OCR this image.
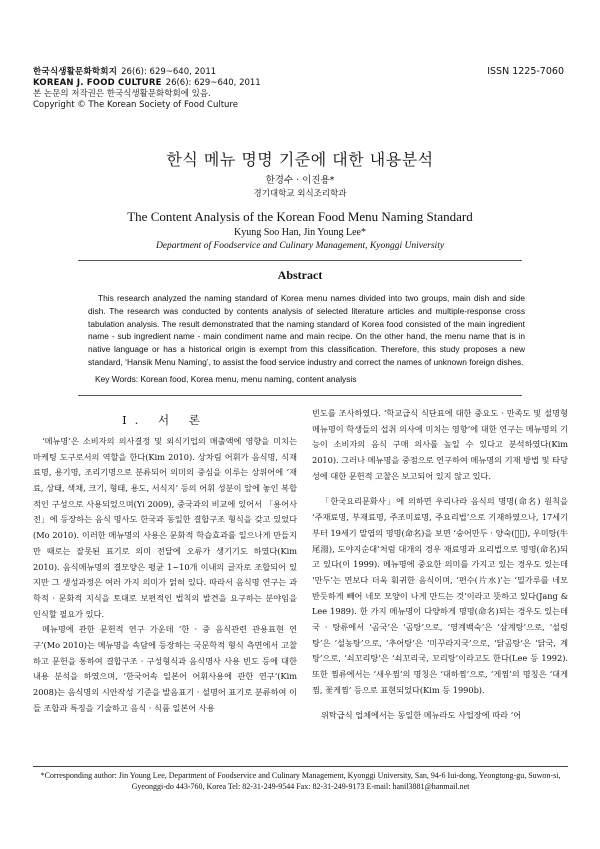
한국식생활문화학회지 26(6): 629~640, 2011
KOREAN J. FOOD CULTURE 26(6): 629~640, 2011
본 논문의 저작권은 한국식생활문화학회에 있음.
Copyright © The Korean Society of Food Culture
ISSN 1225-7060
한식 메뉴 명명 기준에 대한 내용분석
한경수 · 이진용*
경기대학교 외식조리학과
The Content Analysis of the Korean Food Menu Naming Standard
Kyung Soo Han, Jin Young Lee*
Department of Foodservice and Culinary Management, Kyonggi University
Abstract

This research analyzed the naming standard of Korea menu names divided into two groups, main dish and side dish. The research was conducted by contents analysis of selected literature articles and multiple-response cross tabulation analysis. The result demonstrated that the naming standard of Korea food consisted of the main ingredient name - sub ingredient name - main condiment name and main recipe. On the other hand, the menu name that is in native language or has a historical origin is exempt from this classification. Therefore, this study proposes a new standard, ‘Hansik Menu Naming’, to assist the food service industry and correct the names of unknown foreign dishes.

Key Words: Korean food, Korea menu, menu naming, content analysis
I. 서 론

‘메뉴명’은 소비자의 의사결정 및 외식기업의 매출액에 영향을 미치는 마케팅 도구로서의 역할을 한다(Kim 2010). 상차림 어휘가 음식명, 식재료명, 용기명, 조리기명으로 분류되어 의미의 중심을 이루는 상위어에 ‘재료, 상태, 색채, 크기, 형태, 용도, 서식지’ 등의 어휘 성분이 앞에 놓인 복합적인 구성으로 사용되었으며(Yi 2009), 중국과의 비교에 있어서 「용어사전」에 등장하는 음식 명사도 한국과 동일한 결합구조 형식을 갖고 있었다(Mo 2010). 이러한 메뉴명의 사용은 문화적 학습효과를 일으나게 만들지만 때로는 잘못된 표기로 의미 전달에 오류가 생기기도 하였다(Kim 2010). 음식메뉴명의 결모양은 평균 1~10개 이내의 글자로 조합되어 있지만 그 생성과정은 여러 가지 의미가 얽혀 있다. 따라서 음식명 연구는 과학적 · 문화적 지식을 토대로 보편적인 법칙의 발견을 요구하는 분야임을 인식할 필요가 있다.

메뉴명에 관한 문헌적 연구 가운데 ‘한 · 중 음식관련 관용표현 연구’(Mo 2010)는 메뉴명을 속담에 등장하는 국문학적 형식 측면에서 고찰하고 문헌을 통하여 결합구조 · 구성형식과 음식명사 사용 빈도 등에 대한 내용 분석을 하였으며, ‘한국어속 일본어 어휘사용에 관한 연구’(Kim 2008)는 음식명의 시안작성 기준을 발음표기 · 설명어 표기로 분류하여 이들 조합과 특징을 기술하고 음식 · 식품 일본어 사용

빈도를 조사하였다. ‘학교급식 식단표에 대한 중요도 · 만족도 및 설명형 메뉴명이 학생들의 섭취 의사에 미치는 영향’에 대한 연구는 메뉴명의 기능이 소비자의 음식 구매 의사를 높일 수 있다고 분석하였다(Kim 2010). 그러나 메뉴명을 중점으로 연구하여 메뉴명의 기재 방법 및 타당성에 대한 문헌적 고찰은 보고되어 있지 않고 있다.

「한국요리문화사」에 의하면 우리나라 음식의 명명(命名) 원칙을 ‘주재료명, 부재료명, 주조미료명, 주요리법’으로 기재하였으나, 17세기부터 19세기 말엽의 명명(命名)을 보면 ‘숭어만두 · 양숙(𦡙熟), 우미탕(牛尾湯), 도야지순대’처럼 대개의 경우 재료명과 요리법으로 명명(命名)되고 있다(이 1999). 메뉴명에 중요한 의미를 가지고 있는 경우도 있는데 ‘만두’는 면보다 더욱 훠귀한 음식이며, ‘편수(片水)’는 ‘밀가루를 네모 반듯하게 빼어 네모 모양이 나게 만드는 것’이라고 뜻하고 있다(Jang & Lee 1989). 한 가지 메뉴명이 다양하게 명명(命名)되는 경우도 있는데 국 · 탕류에서 ‘곰국’은 ‘곰탕’으로, ‘영계백숙’은 ‘삼계탕’으로, ‘설렁탕’은 ‘설농탕’으로, ‘추어탕’은 ‘미꾸라지국’으로, ‘닭곰탕’은 ‘닭국, 계탕’으로, ‘쇠꼬리탕’은 ‘쇠꼬리국, 꼬리탕’이라고도 한다(Lee 등 1992). 또한 찜류에서는 ‘새우찜’의 명칭은 ‘대하찜’으로, ‘게찜’의 명칭은 ‘대게찜, 꽃게찜’ 등으로 표현되었다(Kim 등 1990b).

위탁급식 업체에서는 동일한 메뉴라도 사업장에 따라 ‘어

*Corresponding author: Jin Young Lee, Department of Foodservice and Culinary Management, Kyonggi University, San, 94-6 Iui-dong, Yeongtong-gu, Suwon-si, Gyeonggi-do 443-760, Korea Tel: 82-31-249-9544 Fax: 82-31-249-9173 E-mail: hanil3881@hanmail.net
